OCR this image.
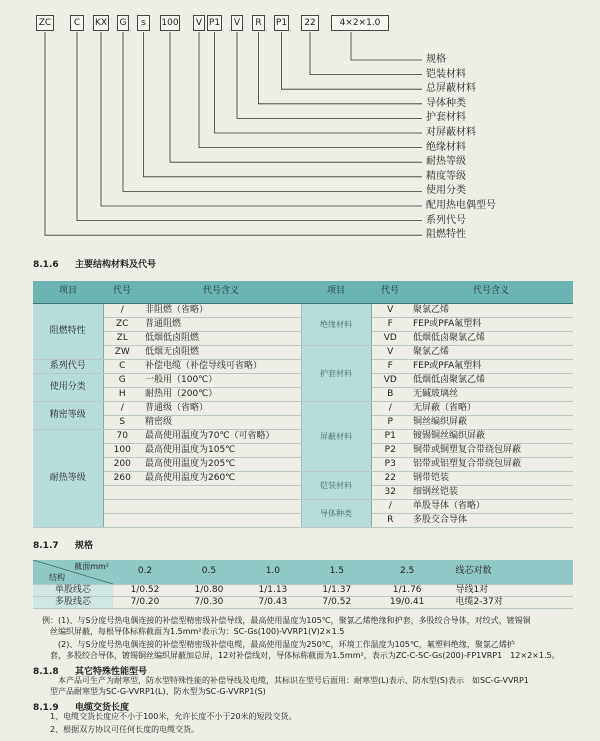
ZC	C	KX G	s	100	V P1	V	R	P1	22	4×2×1.0
规格
铠装材料
总屏蔽材料
导体种类
护套材料
对屏蔽材料
绝缘材料
耐热等级
精度等级
使用分类
配用热电偶型号
系列代号
阻燃特性
8.1.6 主要结构材料及代号
项目	代号	代号含义	项目	代号	代号含义
阻燃特性	/	非阻燃（省略）	绝缘材料	V	聚氯乙烯
	ZC	普通阻燃		F	FEP或PFA氟塑料
	ZL	低烟低卤阻燃		VD	低烟低卤聚氯乙烯
	ZW	低烟无卤阻燃	护套材料	V	聚氯乙烯
系列代号	C	补偿电缆（补偿导线可省略）		F	FEP或PFA氟塑料
使用分类	G	一般用（100℃）		VD	低烟低卤聚氯乙烯
	H	耐热用（200℃）		B	无碱玻璃丝
精密等级	/	普通级（省略）	屏蔽材料	/	无屏蔽（省略）
	S	精密级		P	铜丝编织屏蔽
耐热等级	70	最高使用温度为70℃（可省略）		P1	镀锡铜丝编织屏蔽
	100	最高使用温度为105℃		P2	铜带或铜塑复合带绕包屏蔽
	200	最高使用温度为205℃		P3	铝带或铝塑复合带绕包屏蔽
	260	最高使用温度为260℃	铠装材料	22	钢带铠装
				32	细钢丝铠装
			导体种类	/	单股导体（省略）
				R	多股交合导体
8.1.7 规格
截面mm²
结构	0.2	0.5	1.0	1.5	2.5	线芯对数
单股线芯	1/0.52	1/0.80	1/1.13	1/1.37	1/1.76	导线1对
多股线芯	7/0.20	7/0.30	7/0.43	7/0.52	19/0.41	电缆2-37对
例：(1)、与S分度号热电偶连接的补偿型精密级补偿导线，最高使用温度为105℃，聚氯乙烯绝缘和护套，多股绞合导体，对绞式，镀锡铜
丝编织屏蔽，每根导体标称截面为1.5mm²表示为：SC-Gs(100)-VVRP1(V)2×1.5
(2)、与S分度号热电偶连接的补偿型精密级补偿电缆，最高使用温度为250℃，环境工作温度为105℃，氟塑料绝缘，聚氯乙烯护
套，多股绞合导体，镀锡铜丝编织屏蔽加总屏，12对补偿线对，导体标称截面为1.5mm²，表示为ZC-C-SC-Gs(200)-FP1VRP1　12×2×1.5。
8.1.8 其它特殊性能型号
本产品可生产为耐寒型，防水型特殊性能的补偿导线及电缆，其标识在型号后面用：耐寒型(L)表示、防水型(S)表示　如SC-G-VVRP1
型产品耐寒型为SC-G-VVRP1(L)、防水型为SC-G-VVRP1(S)
8.1.9 电缆交货长度
1、电缆交货长度应不小于100米，允许长度不小于20米的短段交货。
2、根据双方协议可任何长度的电缆交货。
